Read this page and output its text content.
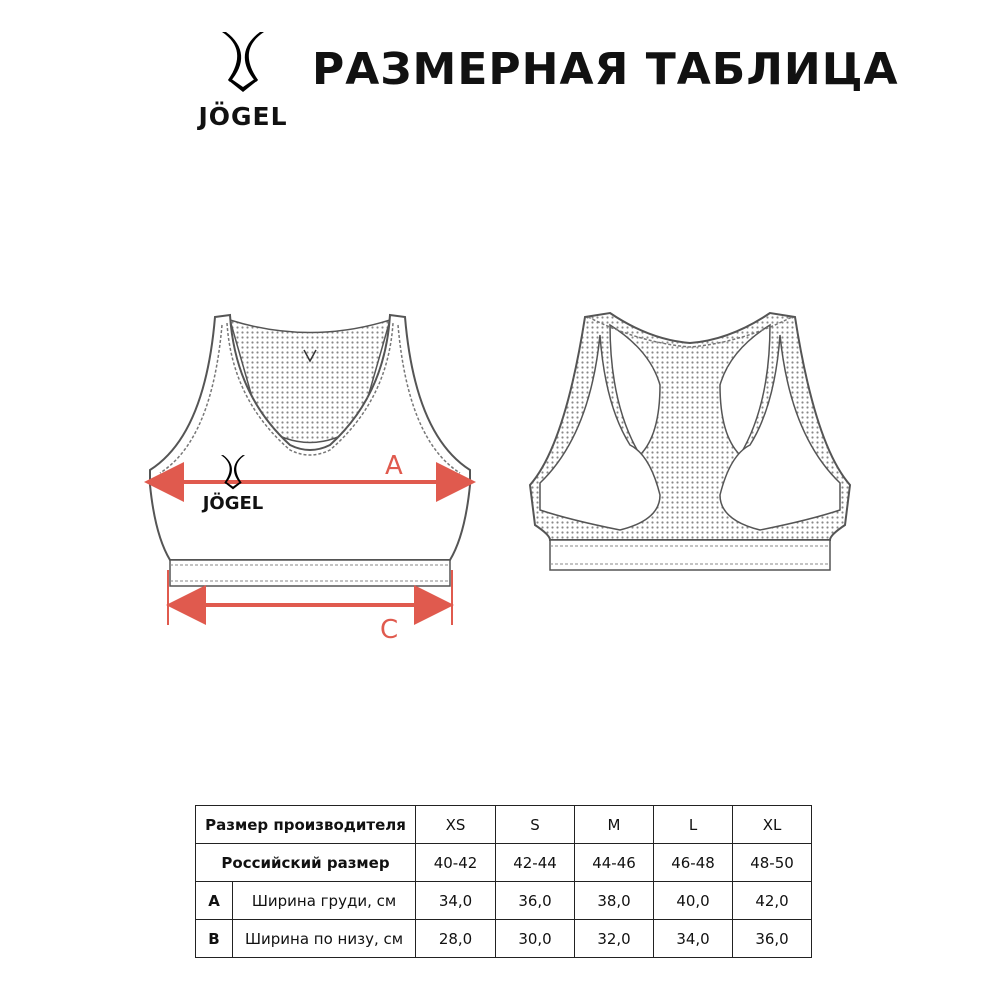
JÖGEL
РАЗМЕРНАЯ ТАБЛИЦА
JÖGEL
A
C
Размер производителя		XS	S	M	L	XL
Российский размер		40-42	42-44	44-46	46-48	48-50
A	Ширина груди, см	34,0	36,0	38,0	40,0	42,0
B	Ширина по низу, см	28,0	30,0	32,0	34,0	36,0
